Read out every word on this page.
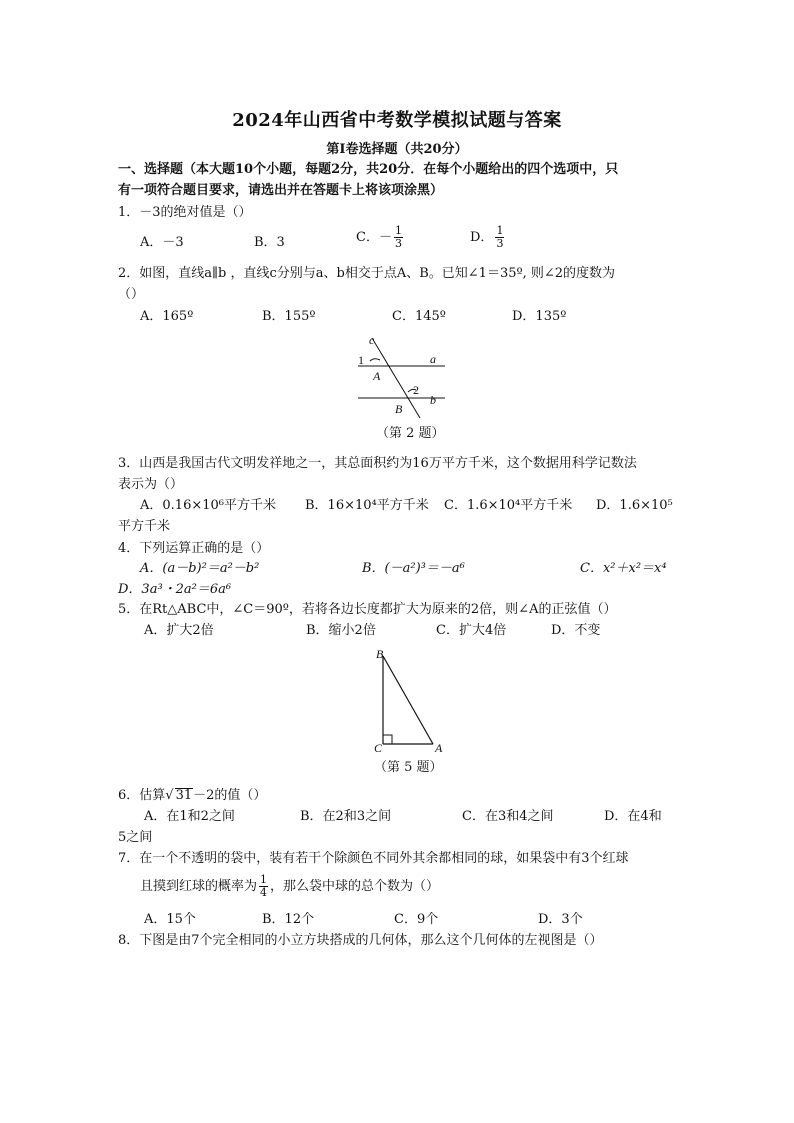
2024年山西省中考数学模拟试题与答案
第Ⅰ卷选择题（共20分）
一、选择题（本大题10个小题，每题2分，共20分．在每个小题给出的四个选项中，只
有一项符合题目要求，请选出并在答题卡上将该项涂黑）
1．－3的绝对值是（）
A．－3	B．3	C．－ $\frac{1}{3}$	D． $\frac{1}{3}$
2．如图，直线a∥b ，直线c分别与a、b相交于点A、B。已知∠1＝35º, 则∠2的度数为
（）
A．165º	B．155º	C．145º	D．135º
c
1	a
A
2
b
B
（第 2 题）
3．山西是我国古代文明发祥地之一，其总面积约为16万平方千米，这个数据用科学记数法
表示为（）
A．0.16×10⁶平方千米 B．16×10⁴平方千米 C．1.6×10⁴平方千米 D．1.6×10⁵
平方千米
4．下列运算正确的是（）
A．(a－b)²＝a²－b²	B．(－a²)³＝－a⁶	C．x²＋x²＝x⁴
D．3a³・2a²＝6a⁶
5．在Rt△ABC中，∠C＝90º，若将各边长度都扩大为原来的2倍，则∠A的正弦值（）
A．扩大2倍	B．缩小2倍	C．扩大4倍	D．不变
B
C	A
（第 5 题）
6．估算√ 31－2的值（）
A．在1和2之间	B．在2和3之间	C．在3和4之间	D．在4和
5之间
7．在一个不透明的袋中，装有若干个除颜色不同外其余都相同的球，如果袋中有3个红球
且摸到红球的概率为 $\frac{1}{4}$ ，那么袋中球的总个数为（）
A．15个	B．12个	C．9个	D．3个
8．下图是由7个完全相同的小立方块搭成的几何体，那么这个几何体的左视图是（）
